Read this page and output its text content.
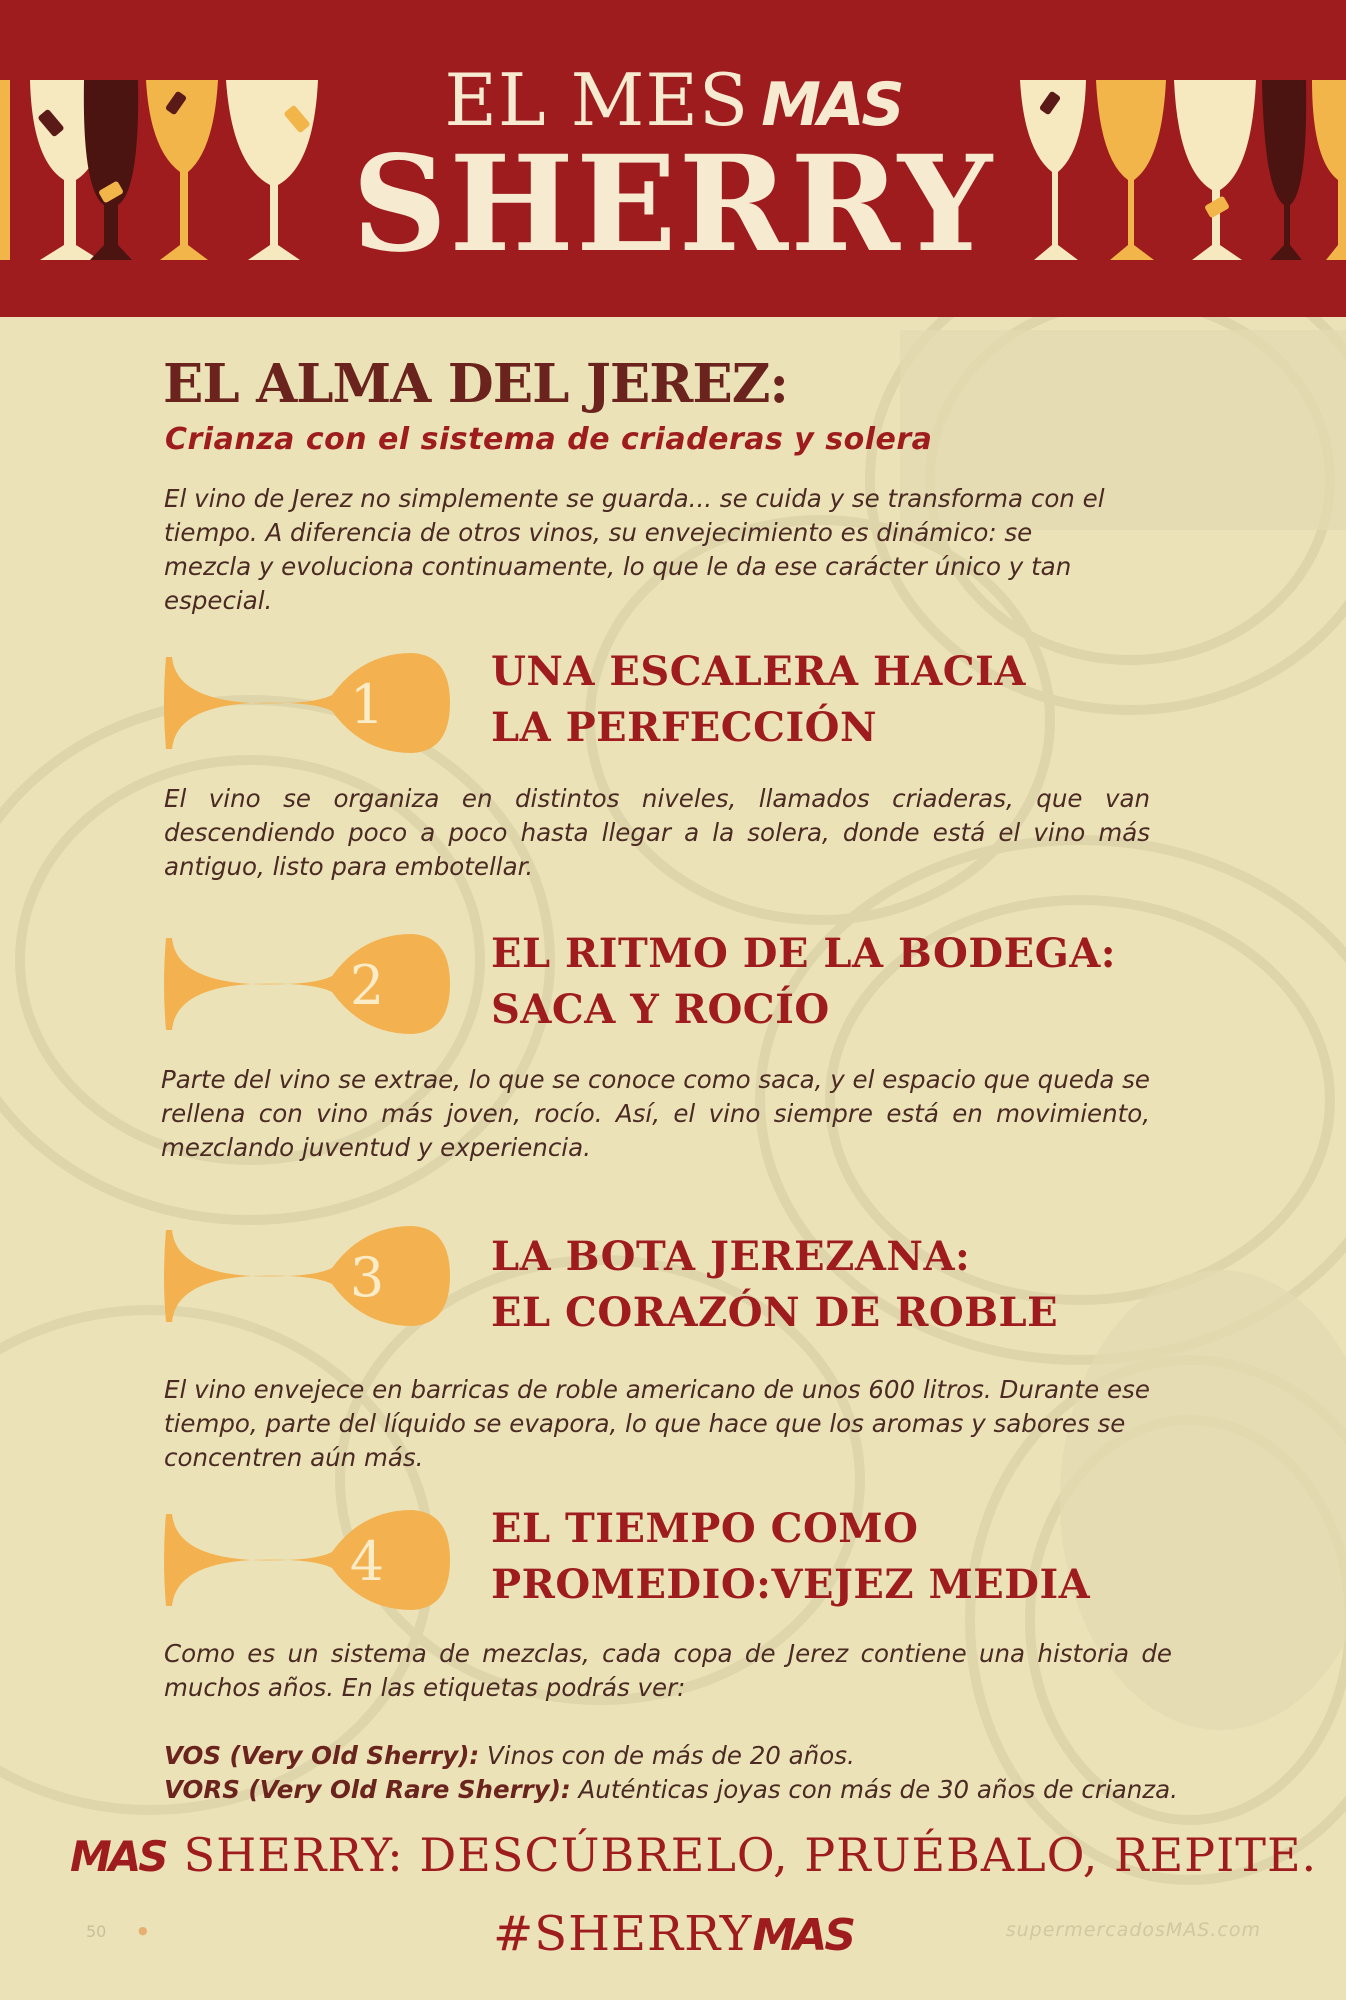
EL MES MAS
SHERRY
EL ALMA DEL JEREZ:
Crianza con el sistema de criaderas y solera

El vino de Jerez no simplemente se guarda... se cuida y se transforma con el tiempo. A diferencia de otros vinos, su envejecimiento es dinámico: se mezcla y evoluciona continuamente, lo que le da ese carácter único y tan especial.

1
UNA ESCALERA HACIA
LA PERFECCIÓN

El vino se organiza en distintos niveles, llamados criaderas, que van descendiendo poco a poco hasta llegar a la solera, donde está el vino más antiguo, listo para embotellar.

2
EL RITMO DE LA BODEGA:
SACA Y ROCÍO

Parte del vino se extrae, lo que se conoce como saca, y el espacio que queda se rellena con vino más joven, rocío. Así, el vino siempre está en movimiento, mezclando juventud y experiencia.

3	LA BOTA JEREZANA:
EL CORAZÓN DE ROBLE

El vino envejece en barricas de roble americano de unos 600 litros. Durante ese tiempo, parte del líquido se evapora, lo que hace que los aromas y sabores se concentren aún más.

4
EL TIEMPO COMO
PROMEDIO:VEJEZ MEDIA

Como es un sistema de mezclas, cada copa de Jerez contiene una historia de muchos años. En las etiquetas podrás ver:

VOS (Very Old Sherry): Vinos con de más de 20 años.
VORS (Very Old Rare Sherry): Auténticas joyas con más de 30 años de crianza.
MAS SHERRY: DESCÚBRELO, PRUÉBALO, REPITE.
#SHERRYMAS
50	●	supermercadosMAS.com
